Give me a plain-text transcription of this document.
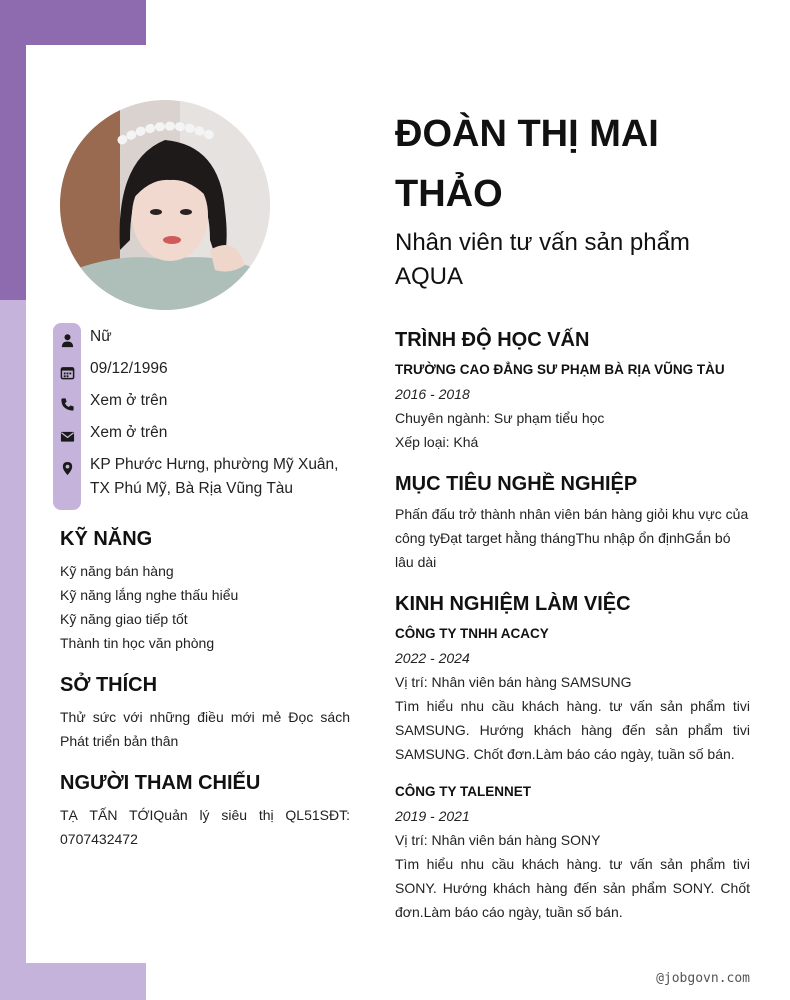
Nữ
09/12/1996
Xem ở trên
Xem ở trên
KP Phước Hưng, phường Mỹ Xuân, TX Phú Mỹ, Bà Rịa Vũng Tàu
KỸ NĂNG
Kỹ năng bán hàng
Kỹ năng lắng nghe thấu hiểu
Kỹ năng giao tiếp tốt
Thành tin học văn phòng
SỞ THÍCH
Thử sức với những điều mới mẻ Đọc sách Phát triển bản thân
NGƯỜI THAM CHIẾU
TẠ TẤN TỚIQuản lý siêu thị QL51SĐT: 0707432472
ĐOÀN THỊ MAI THẢO
Nhân viên tư vấn sản phẩm AQUA
TRÌNH ĐỘ HỌC VẤN
TRƯỜNG CAO ĐẲNG SƯ PHẠM BÀ RỊA VŨNG TÀU
2016 - 2018
Chuyên ngành: Sư phạm tiểu học
Xếp loại: Khá
MỤC TIÊU NGHỀ NGHIỆP
Phấn đấu trở thành nhân viên bán hàng giỏi khu vực của công tyĐạt target hằng thángThu nhập ổn địnhGắn bó lâu dài
KINH NGHIỆM LÀM VIỆC
CÔNG TY TNHH ACACY
2022 - 2024
Vị trí: Nhân viên bán hàng SAMSUNG
Tìm hiểu nhu cầu khách hàng. tư vấn sản phẩm tivi SAMSUNG. Hướng khách hàng đến sản phẩm tivi SAMSUNG. Chốt đơn.Làm báo cáo ngày, tuần số bán.
CÔNG TY TALENNET
2019 - 2021
Vị trí: Nhân viên bán hàng SONY
Tìm hiểu nhu cầu khách hàng. tư vấn sản phẩm tivi SONY. Hướng khách hàng đến sản phẩm SONY. Chốt đơn.Làm báo cáo ngày, tuần số bán.
@jobgovn.com
